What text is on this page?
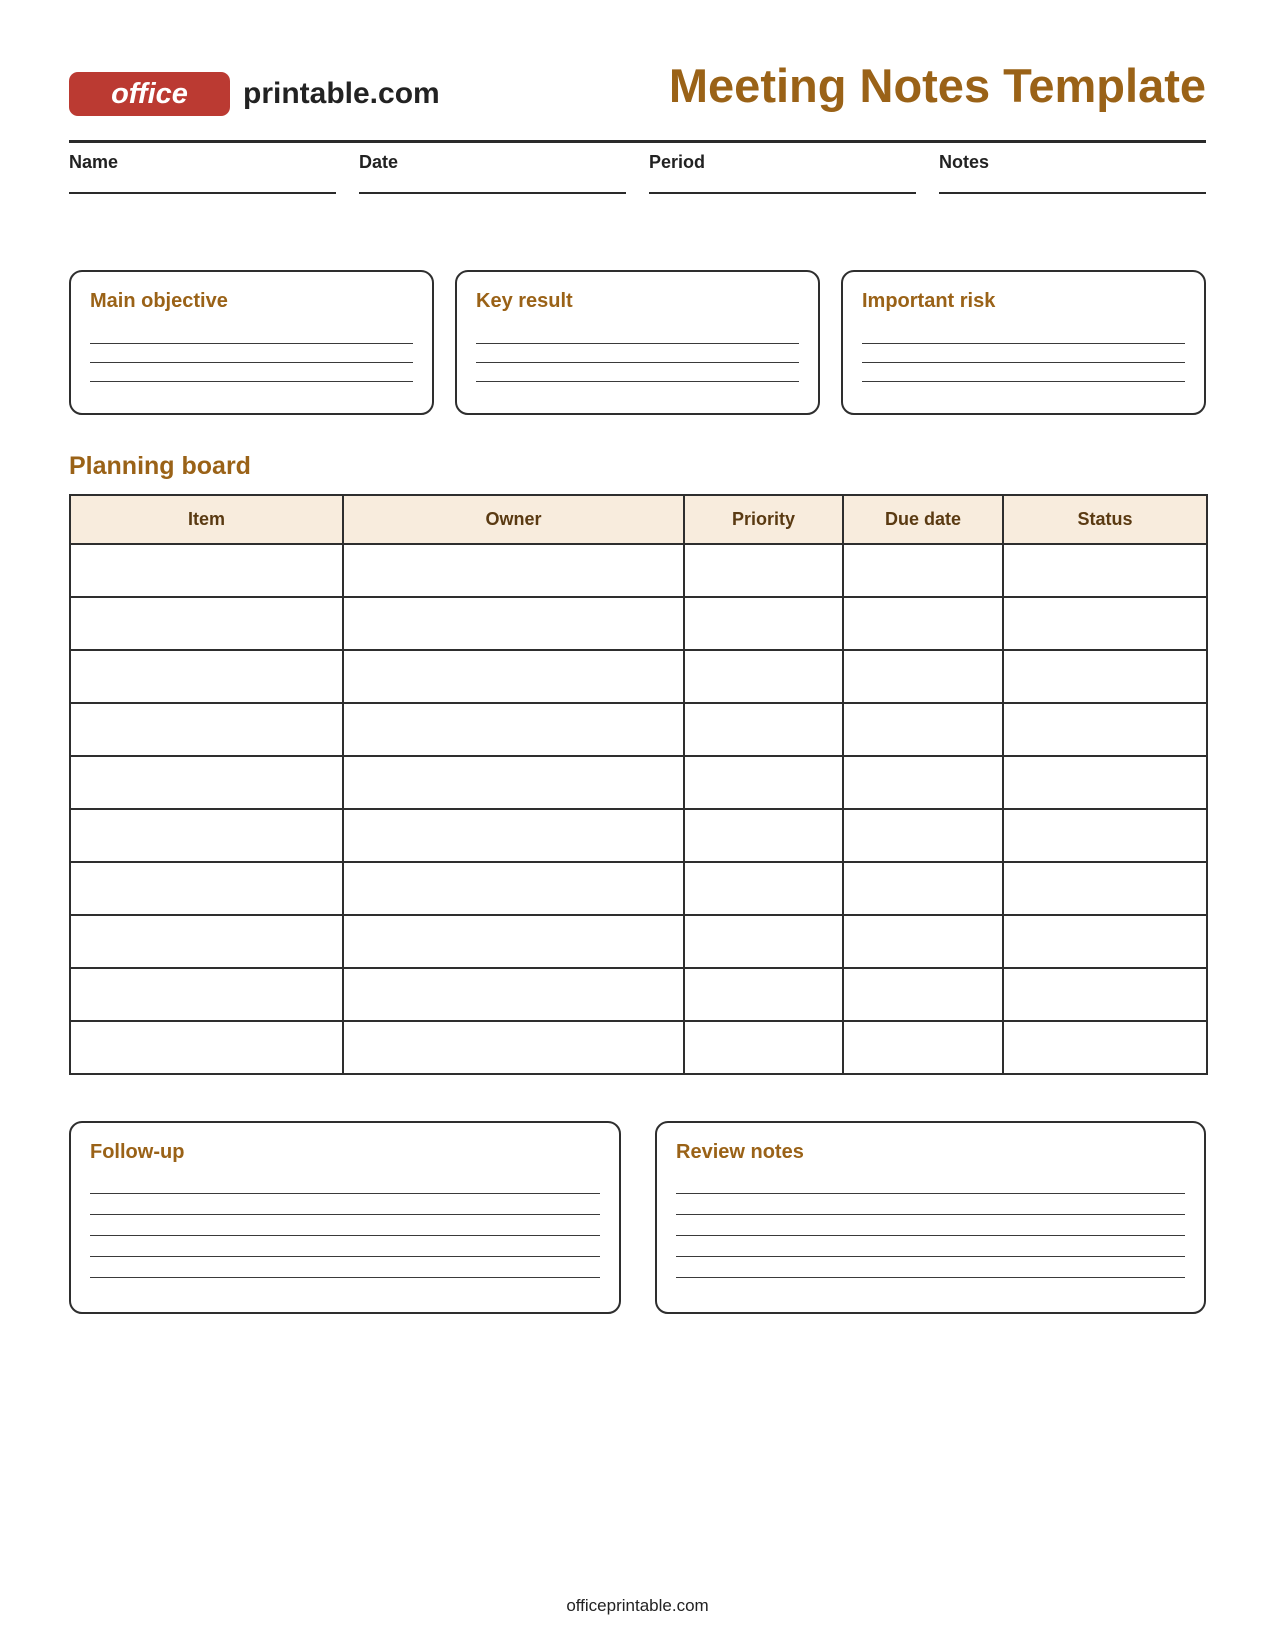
office	printable.com	Meeting Notes Template
Name	Date	Period	Notes
Main objective	Key result	Important risk
Planning board
Item	Owner	Priority	Due date	Status

Follow-up	Review notes
officeprintable.com
